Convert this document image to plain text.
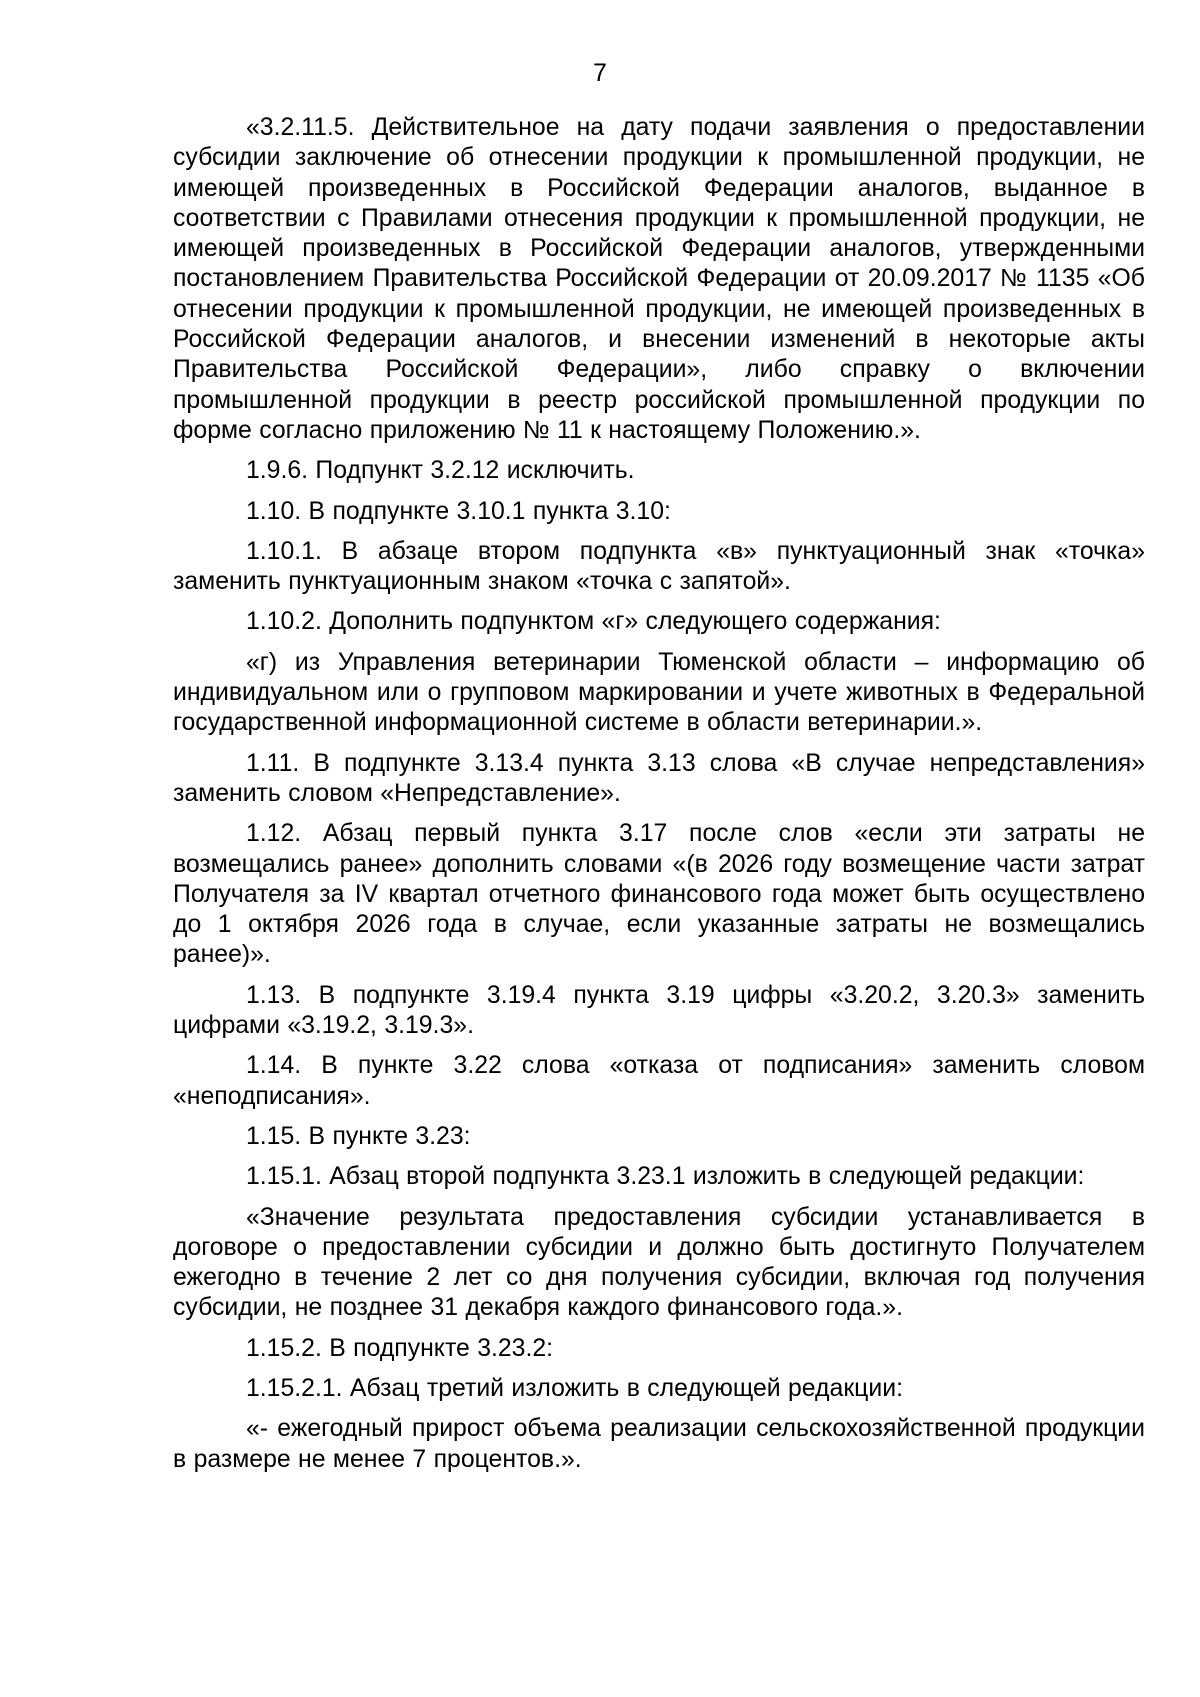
7

«3.2.11.5. Действительное на дату подачи заявления о предоставлении субсидии заключение об отнесении продукции к промышленной продукции, не имеющей произведенных в Российской Федерации аналогов, выданное в соответствии с Правилами отнесения продукции к промышленной продукции, не имеющей произведенных в Российской Федерации аналогов, утвержденными постановлением Правительства Российской Федерации от 20.09.2017 № 1135 «Об отнесении продукции к промышленной продукции, не имеющей произведенных в Российской Федерации аналогов, и внесении изменений в некоторые акты Правительства Российской Федерации», либо справку о включении промышленной продукции в реестр российской промышленной продукции по форме согласно приложению № 11 к настоящему Положению.».

1.9.6. Подпункт 3.2.12 исключить.

1.10. В подпункте 3.10.1 пункта 3.10:

1.10.1. В абзаце втором подпункта «в» пунктуационный знак «точка» заменить пунктуационным знаком «точка с запятой».

1.10.2. Дополнить подпунктом «г» следующего содержания:

«г) из Управления ветеринарии Тюменской области – информацию об индивидуальном или о групповом маркировании и учете животных в Федеральной государственной информационной системе в области ветеринарии.».

1.11. В подпункте 3.13.4 пункта 3.13 слова «В случае непредставления» заменить словом «Непредставление».

1.12. Абзац первый пункта 3.17 после слов «если эти затраты не возмещались ранее» дополнить словами «(в 2026 году возмещение части затрат Получателя за IV квартал отчетного финансового года может быть осуществлено до 1 октября 2026 года в случае, если указанные затраты не возмещались ранее)».

1.13. В подпункте 3.19.4 пункта 3.19 цифры «3.20.2, 3.20.3» заменить цифрами «3.19.2, 3.19.3».

1.14. В пункте 3.22 слова «отказа от подписания» заменить словом «неподписания».

1.15. В пункте 3.23:

1.15.1. Абзац второй подпункта 3.23.1 изложить в следующей редакции:

«Значение результата предоставления субсидии устанавливается в договоре о предоставлении субсидии и должно быть достигнуто Получателем ежегодно в течение 2 лет со дня получения субсидии, включая год получения субсидии, не позднее 31 декабря каждого финансового года.».

1.15.2. В подпункте 3.23.2:

1.15.2.1. Абзац третий изложить в следующей редакции:

«- ежегодный прирост объема реализации сельскохозяйственной продукции в размере не менее 7 процентов.».
